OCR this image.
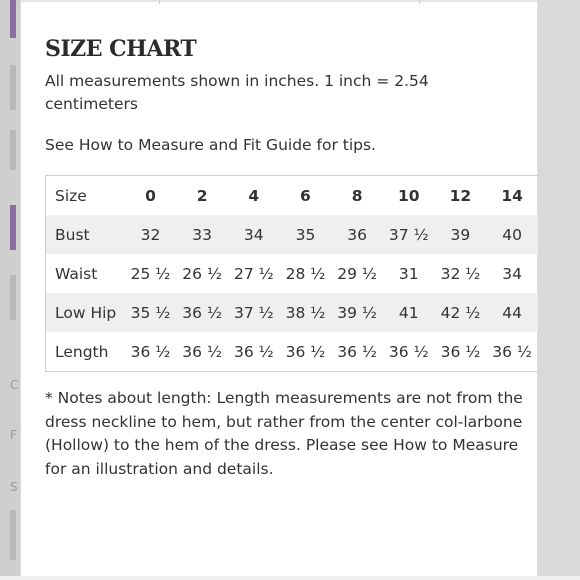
C
F
S
SIZE CHART
All measurements shown in inches. 1 inch = 2.54 centimeters
See How to Measure and Fit Guide for tips.
Size	0	2	4	6	8	10	12	14
Bust	32	33	34	35	36	37 ½	39	40
Waist	25 ½	26 ½	27 ½	28 ½	29 ½	31	32 ½	34
Low Hip	35 ½	36 ½	37 ½	38 ½	39 ½	41	42 ½	44
Length	36 ½	36 ½	36 ½	36 ½	36 ½	36 ½	36 ½	36 ½
* Notes about length: Length measurements are not from the dress neckline to hem, but rather from the center col-larbone (Hollow) to the hem of the dress. Please see How to Measure for an illustration and details.
